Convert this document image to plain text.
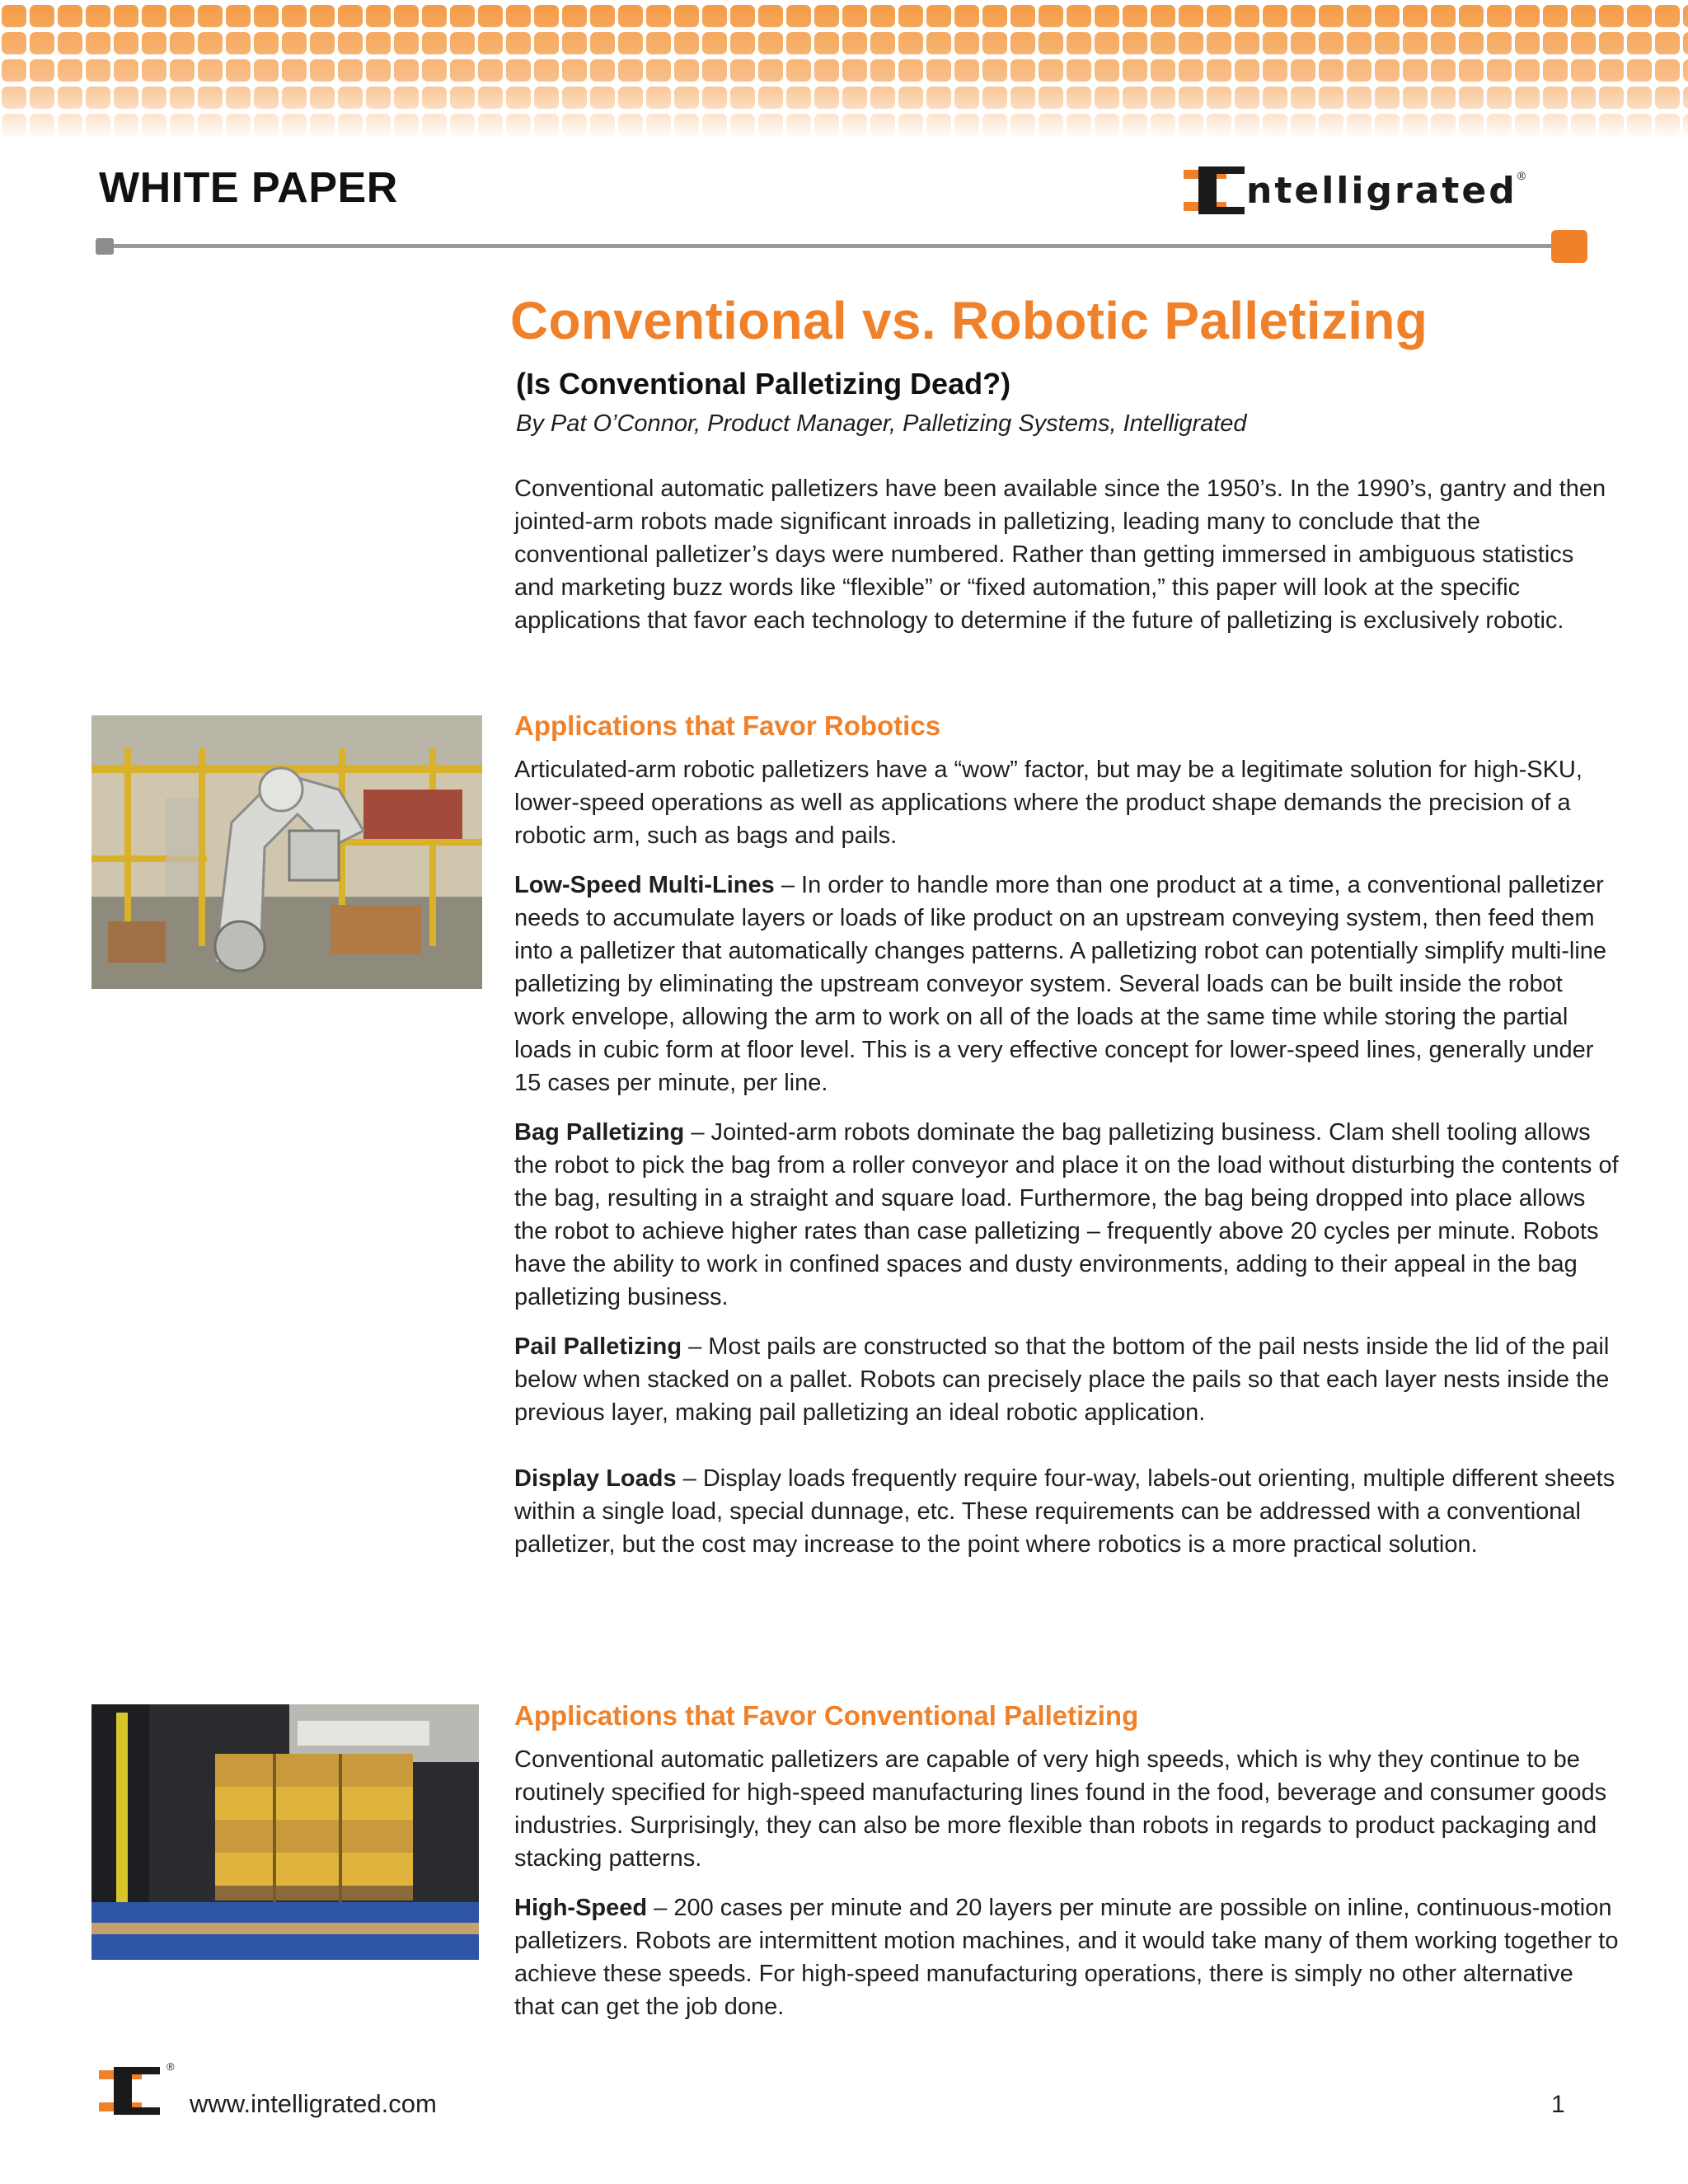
WHITE PAPER	ntelligrated ®
Conventional vs. Robotic Palletizing
(Is Conventional Palletizing Dead?)
By Pat O’Connor, Product Manager, Palletizing Systems, Intelligrated

Conventional automatic palletizers have been available since the 1950’s. In the 1990’s, gantry and then jointed-arm robots made significant inroads in palletizing, leading many to conclude that the conventional palletizer’s days were numbered. Rather than getting immersed in ambiguous statistics and marketing buzz words like “flexible” or “fixed automation,” this paper will look at the specific applications that favor each technology to determine if the future of palletizing is exclusively robotic.

Applications that Favor Robotics

Articulated-arm robotic palletizers have a “wow” factor, but may be a legitimate solution for high-SKU, lower-speed operations as well as applications where the product shape demands the precision of a robotic arm, such as bags and pails.

Low-Speed Multi-Lines – In order to handle more than one product at a time, a conventional palletizer needs to accumulate layers or loads of like product on an upstream conveying system, then feed them into a palletizer that automatically changes patterns. A palletizing robot can potentially simplify multi-line palletizing by eliminating the upstream conveyor system. Several loads can be built inside the robot work envelope, allowing the arm to work on all of the loads at the same time while storing the partial loads in cubic form at floor level. This is a very effective concept for lower-speed lines, generally under 15 cases per minute, per line.

Bag Palletizing – Jointed-arm robots dominate the bag palletizing business. Clam shell tooling allows the robot to pick the bag from a roller conveyor and place it on the load without disturbing the contents of the bag, resulting in a straight and square load. Furthermore, the bag being dropped into place allows the robot to achieve higher rates than case palletizing – frequently above 20 cycles per minute. Robots have the ability to work in confined spaces and dusty environments, adding to their appeal in the bag palletizing business.

Pail Palletizing – Most pails are constructed so that the bottom of the pail nests inside the lid of the pail below when stacked on a pallet. Robots can precisely place the pails so that each layer nests inside the previous layer, making pail palletizing an ideal robotic application.

Display Loads – Display loads frequently require four-way, labels-out orienting, multiple different sheets within a single load, special dunnage, etc. These requirements can be addressed with a conventional palletizer, but the cost may increase to the point where robotics is a more practical solution.

Applications that Favor Conventional Palletizing

Conventional automatic palletizers are capable of very high speeds, which is why they continue to be routinely specified for high-speed manufacturing lines found in the food, beverage and consumer goods industries. Surprisingly, they can also be more flexible than robots in regards to product packaging and stacking patterns.

High-Speed – 200 cases per minute and 20 layers per minute are possible on inline, continuous-motion palletizers. Robots are intermittent motion machines, and it would take many of them working together to achieve these speeds. For high-speed manufacturing operations, there is simply no other alternative that can get the job done.

®
www.intelligrated.com	1
